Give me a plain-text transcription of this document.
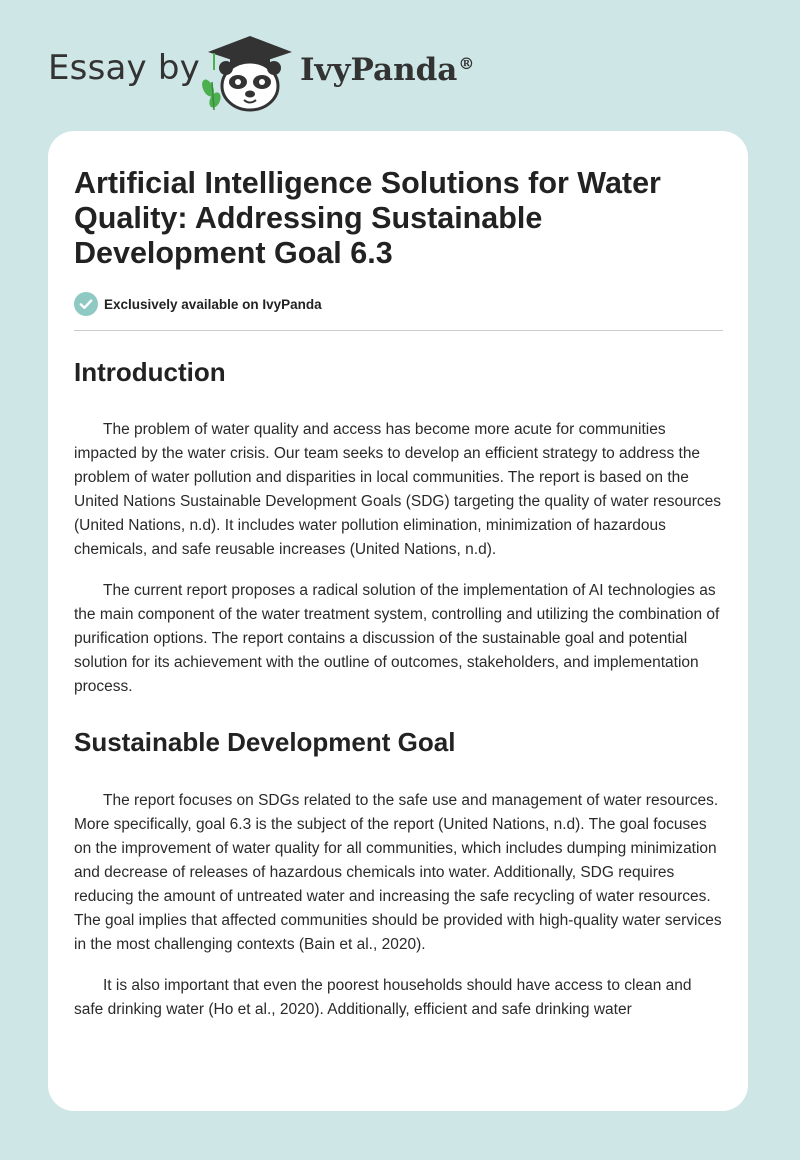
Essay by	IvyPanda®
Artificial Intelligence Solutions for Water
Quality: Addressing Sustainable
Development Goal 6.3
Exclusively available on IvyPanda
Introduction

The problem of water quality and access has become more acute for communities impacted by the water crisis. Our team seeks to develop an efficient strategy to address the problem of water pollution and disparities in local communities. The report is based on the United Nations Sustainable Development Goals (SDG) targeting the quality of water resources (United Nations, n.d). It includes water pollution elimination, minimization of hazardous chemicals, and safe reusable increases (United Nations, n.d).

The current report proposes a radical solution of the implementation of AI technologies as the main component of the water treatment system, controlling and utilizing the combination of purification options. The report contains a discussion of the sustainable goal and potential solution for its achievement with the outline of outcomes, stakeholders, and implementation process.

Sustainable Development Goal

The report focuses on SDGs related to the safe use and management of water resources. More specifically, goal 6.3 is the subject of the report (United Nations, n.d). The goal focuses on the improvement of water quality for all communities, which includes dumping minimization and decrease of releases of hazardous chemicals into water. Additionally, SDG requires reducing the amount of untreated water and increasing the safe recycling of water resources. The goal implies that affected communities should be provided with high-quality water services in the most challenging contexts (Bain et al., 2020).

It is also important that even the poorest households should have access to clean and safe drinking water (Ho et al., 2020). Additionally, efficient and safe drinking water
